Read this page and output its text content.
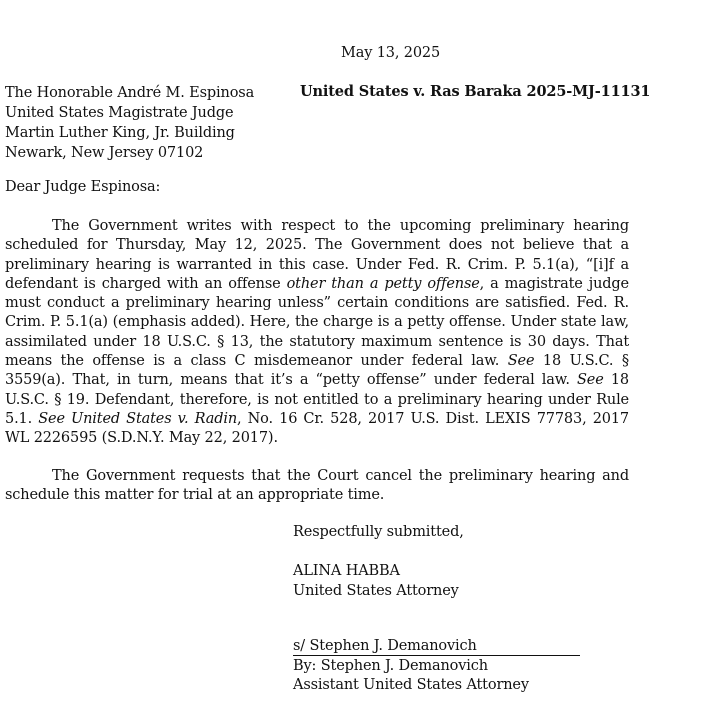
May 13, 2025
The Honorable André M. Espinosa
United States Magistrate Judge
Martin Luther King, Jr. Building
Newark, New Jersey 07102
United States v. Ras Baraka 2025-MJ-11131
Dear Judge Espinosa:

The Government writes with respect to the upcoming preliminary hearing scheduled for Thursday, May 12, 2025. The Government does not believe that a preliminary hearing is warranted in this case. Under Fed. R. Crim. P. 5.1(a), “[i]f a defendant is charged with an offense other than a petty offense, a magistrate judge must conduct a preliminary hearing unless” certain conditions are satisfied. Fed. R. Crim. P. 5.1(a) (emphasis added). Here, the charge is a petty offense. Under state law, assimilated under 18 U.S.C. § 13, the statutory maximum sentence is 30 days. That means the offense is a class C misdemeanor under federal law. See 18 U.S.C. § 3559(a). That, in turn, means that it’s a “petty offense” under federal law. See 18 U.S.C. § 19. Defendant, therefore, is not entitled to a preliminary hearing under Rule 5.1. See United States v. Radin, No. 16 Cr. 528, 2017 U.S. Dist. LEXIS 77783, 2017 WL 2226595 (S.D.N.Y. May 22, 2017).

The Government requests that the Court cancel the preliminary hearing and schedule this matter for trial at an appropriate time.

Respectfully submitted,
ALINA HABBA
United States Attorney
s/ Stephen J. Demanovich
By: Stephen J. Demanovich
Assistant United States Attorney
